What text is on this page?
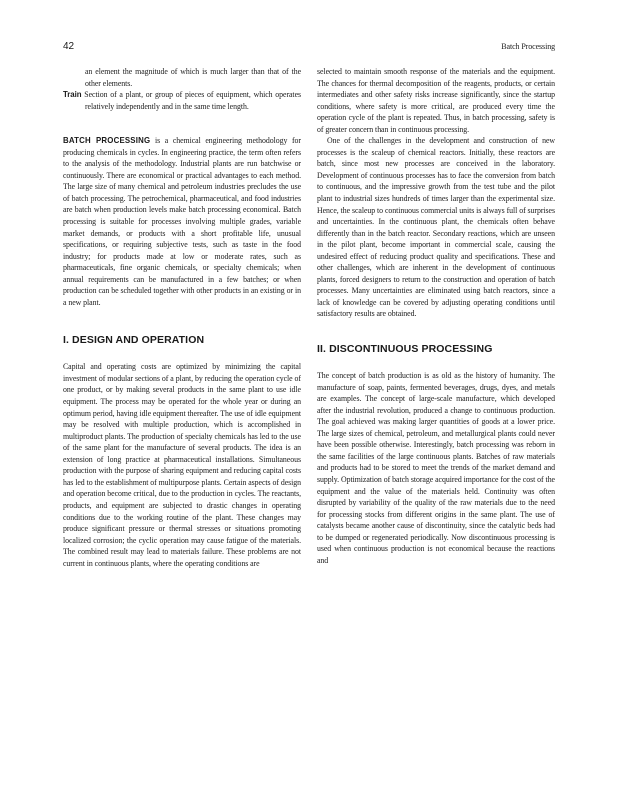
42	Batch Processing

an element the magnitude of which is much larger than that of the other elements.

Train Section of a plant, or group of pieces of equipment, which operates relatively independently and in the same time length.

BATCH PROCESSING is a chemical engineering methodology for producing chemicals in cycles. In engineering practice, the term often refers to the analysis of the methodology. Industrial plants are run batchwise or continuously. There are economical or practical advantages to each method. The large size of many chemical and petroleum industries precludes the use of batch processing. The petrochemical, pharmaceutical, and food industries are batch when production levels make batch processing economical. Batch processing is suitable for processes involving multiple grades, variable market demands, or products with a short profitable life, unusual specifications, or requiring subjective tests, such as taste in the food industry; for products made at low or moderate rates, such as pharmaceuticals, fine organic chemicals, or specialty chemicals; when annual requirements can be manufactured in a few batches; or when production can be scheduled together with other products in an existing or in a new plant.

I. DESIGN AND OPERATION

Capital and operating costs are optimized by minimizing the capital investment of modular sections of a plant, by reducing the operation cycle of one product, or by making several products in the same plant to use idle equipment. The process may be operated for the whole year or during an optimum period, having idle equipment thereafter. The use of idle equipment may be resolved with multiple production, which is accomplished in multiproduct plants. The production of specialty chemicals has led to the use of the same plant for the manufacture of several products. The idea is an extension of long practice at pharmaceutical installations. Simultaneous production with the purpose of sharing equipment and reducing capital costs has led to the establishment of multipurpose plants. Certain aspects of design and operation become critical, due to the production in cycles. The reactants, products, and equipment are subjected to drastic changes in operating conditions due to the working routine of the plant. These changes may produce significant pressure or thermal stresses or situations promoting localized corrosion; the cyclic operation may cause fatigue of the materials. The combined result may lead to materials failure. These problems are not current in continuous plants, where the operating conditions are

selected to maintain smooth response of the materials and the equipment. The chances for thermal decomposition of the reagents, products, or certain intermediates and other safety risks increase significantly, since the startup conditions, where safety is more critical, are produced every time the operation cycle of the plant is repeated. Thus, in batch processing, safety is of greater concern than in continuous processing.

One of the challenges in the development and construction of new processes is the scaleup of chemical reactors. Initially, these reactors are batch, since most new processes are conceived in the laboratory. Development of continuous processes has to face the conversion from batch to continuous, and the impressive growth from the test tube and the pilot plant to industrial sizes hundreds of times larger than the experimental size. Hence, the scaleup to continuous commercial units is always full of surprises and uncertainties. In the continuous plant, the chemicals often behave differently than in the batch reactor. Secondary reactions, which are unseen in the pilot plant, become important in commercial scale, causing the undesired effect of reducing product quality and specifications. These and other challenges, which are inherent in the development of continuous plants, forced designers to return to the construction and operation of batch processes. Many uncertainties are eliminated using batch reactors, since a lack of knowledge can be covered by adjusting operating conditions until satisfactory results are obtained.

II. DISCONTINUOUS PROCESSING

The concept of batch production is as old as the history of humanity. The manufacture of soap, paints, fermented beverages, drugs, dyes, and metals are examples. The concept of large-scale manufacture, which developed after the industrial revolution, produced a change to continuous production. The goal achieved was making larger quantities of goods at a lower price. The large sizes of chemical, petroleum, and metallurgical plants could never have been possible otherwise. Interestingly, batch processing was reborn in the same facilities of the large continuous plants. Batches of raw materials and products had to be stored to meet the trends of the market demand and supply. Optimization of batch storage acquired importance for the cost of the equipment and the value of the materials held. Continuity was often disrupted by variability of the quality of the raw materials due to the need for processing stocks from different origins in the same plant. The use of catalysts became another cause of discontinuity, since the catalytic beds had to be dumped or regenerated periodically. Now discontinuous processing is used when continuous production is not economical because the reactions and
